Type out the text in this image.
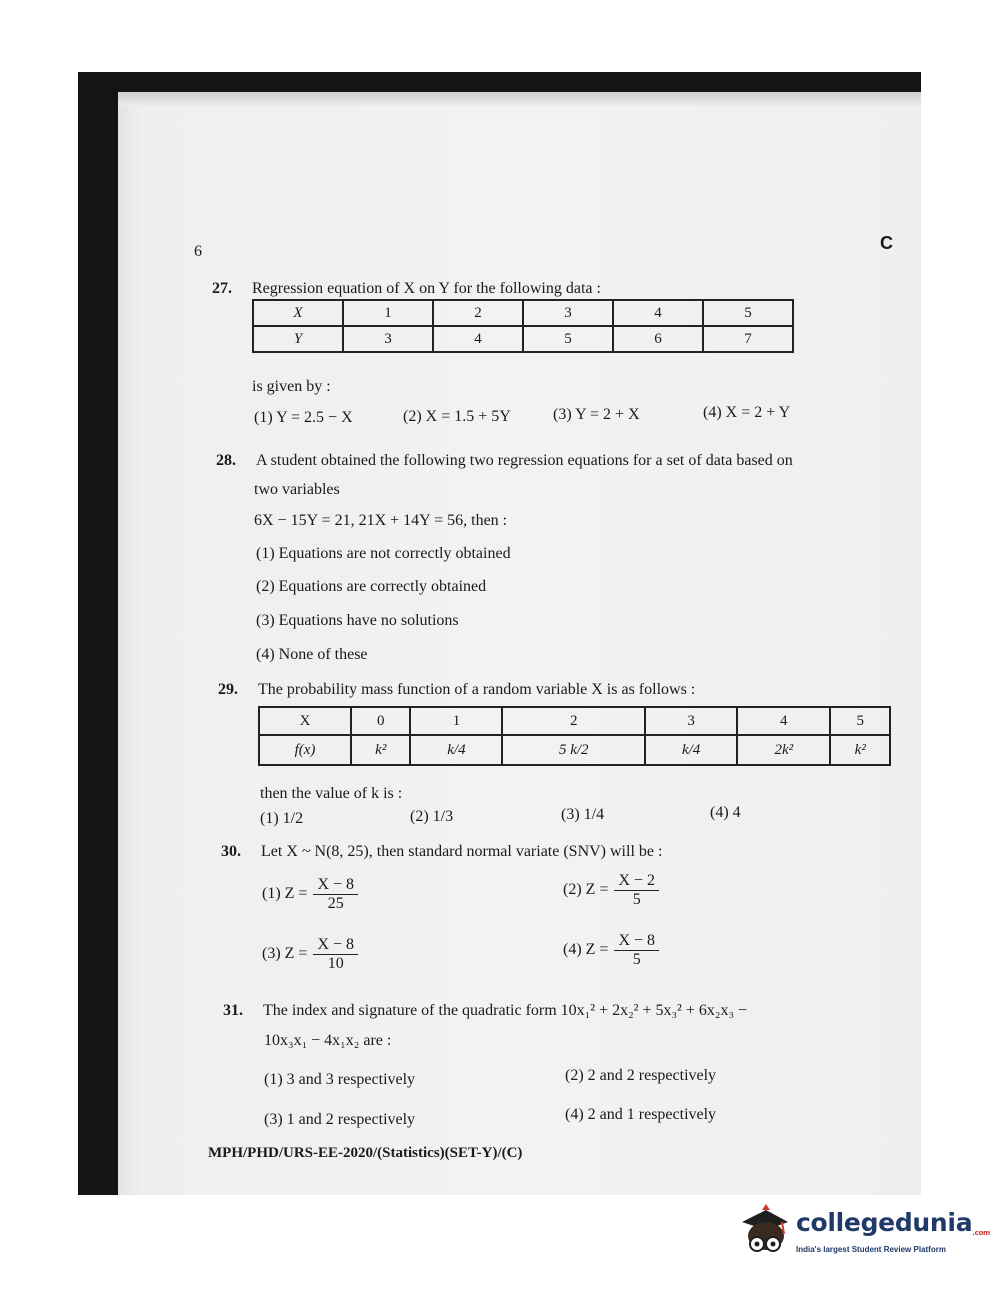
6	C
27. Regression equation of X on Y for the following data :
X	1	2	3	4	5
Y	3	4	5	6	7
is given by :
(1) Y = 2.5 − X	(2) X = 1.5 + 5Y	(3) Y = 2 + X	(4) X = 2 + Y
28. A student obtained the following two regression equations for a set of data based on
two variables
6X − 15Y = 21, 21X + 14Y = 56, then :
(1) Equations are not correctly obtained
(2) Equations are correctly obtained
(3) Equations have no solutions
(4) None of these
29. The probability mass function of a random variable X is as follows :
X	0	1	2	3	4	5
f(x)	k²	k/4	5 k/2	k/4	2k²	k²
then the value of k is :
(1) 1/2	(2) 1/3	(3) 1/4	(4) 4
30. Let X ~ N(8, 25), then standard normal variate (SNV) will be :
(1) $Z = \frac{X - 8}{25}$	(2) $Z = \frac{X - 2}{5}$
(3) $Z = \frac{X - 8}{10}$	(4) $Z = \frac{X - 8}{5}$
31. The index and signature of the quadratic form 10x₁² + 2x₂² + 5x₃² + 6x₂x₃ −
10x₃x₁ − 4x₁x₂ are :
(1) 3 and 3 respectively	(2) 2 and 2 respectively
(3) 1 and 2 respectively	(4) 2 and 1 respectively
MPH/PHD/URS-EE-2020/(Statistics)(SET-Y)/(C)
collegedunia.com
India's largest Student Review Platform
